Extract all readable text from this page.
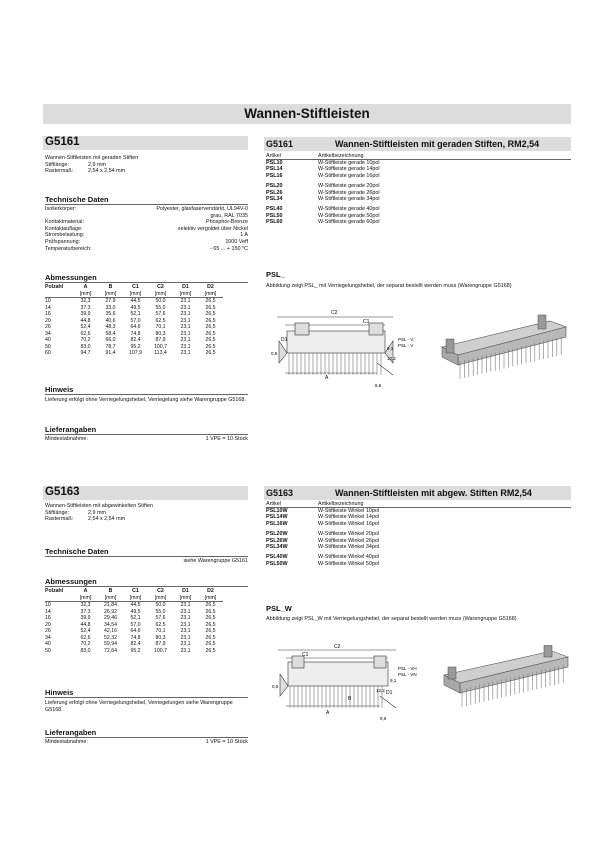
Wannen-Stiftleisten
G5161
Wannen-Stiftleisten mit geraden Stiften
Stiftlänge:	2,9 mm
Rastermaß:	2,54 x 2,54 mm
Technische Daten
Isolierkörper:	Polyester, glasfaserverstärkt, UL94V-0
grau, RAL 7035
Kontaktmaterial:	Phosphor-Bronze
Kontaktauflage:	selektiv vergoldet über Nickel
Strombelastung:	1 A
Prüfspannung:	1000 Veff
Temperaturbereich:	- 65 ... + 150 °C
Abmessungen
Polzahl	A	B	C1	C2	D1	D2
	[mm]	[mm]	[mm]	[mm]	[mm]	[mm]
10	32,3	27,9	44,5	50,0	23,1	26,5
14	37,3	33,0	49,5	55,0	23,1	26,5
16	39,9	35,6	52,1	57,6	23,1	26,5
20	44,8	40,6	57,0	62,5	23,1	26,5
26	52,4	48,3	64,6	70,1	23,1	26,5
34	62,6	58,4	74,8	80,3	23,1	26,5
40	70,2	66,0	82,4	87,9	23,1	26,5
50	83,0	78,7	95,2	100,7	23,1	26,5
60	94,7	91,4	107,9	113,4	23,1	26,5
Hinweis
Lieferung erfolgt ohne Verriegelungshebel, Verriegelung siehe Warengruppe G5168.
Lieferangaben
Mindestabnahme:	1 VPE = 10 Stück
G5161	Wannen-Stiftleisten mit geraden Stiften, RM2,54
Artikel	Artikelbezeichnung
PSL10	W-Stiftleiste gerade 10pol
PSL14	W-Stiftleiste gerade 14pol
PSL16	W-Stiftleiste gerade 16pol
PSL20	W-Stiftleiste gerade 20pol
PSL26	W-Stiftleiste gerade 26pol
PSL34	W-Stiftleiste gerade 34pol
PSL40	W-Stiftleiste gerade 40pol
PSL50	W-Stiftleiste gerade 50pol
PSL60	W-Stiftleiste gerade 60pol
PSL_
Abbildung zeigt PSL_ mit Verriegelungshebel, der separat bestellt werden muss (Warengruppe G5168)
C2
C1
D1	PSL - V
PSL - V
9,1
12,2
0,5
A
8,6
G5163
Wannen-Stiftleisten mit abgewinkelten Stiften
Stiftlänge:	2,9 mm
Rastermaß:	2,54 x 2,54 mm
Technische Daten
siehe Warengruppe G5161
Abmessungen
Polzahl	A	B	C1	C2	D1	D2
	[mm]	[mm]	[mm]	[mm]	[mm]	[mm]
10	32,3	21,84	44,5	50,0	23,1	26,5
14	37,3	26,92	49,5	55,0	23,1	26,5
16	39,9	29,46	52,1	57,6	23,1	26,5
20	44,8	34,54	57,0	62,5	23,1	26,5
26	52,4	42,16	64,6	70,1	23,1	26,5
34	62,6	52,32	74,8	80,3	23,1	26,5
40	70,2	59,94	82,4	87,9	23,1	26,5
50	83,0	72,64	95,2	100,7	23,1	26,5
Hinweis
Lieferung erfolgt ohne Verriegelungshebel, Verriegelungen siehe Warengruppe G5168.
Lieferangaben
Mindestabnahme:	1 VPE = 10 Stück
G5163	Wannen-Stiftleisten mit abgew. Stiften RM2,54
Artikel	Artikelbezeichnung
PSL10W	W-Stiftleiste Winkel 10pol
PSL14W	W-Stiftleiste Winkel 14pol
PSL16W	W-Stiftleiste Winkel 16pol
PSL20W	W-Stiftleiste Winkel 20pol
PSL26W	W-Stiftleiste Winkel 26pol
PSL34W	W-Stiftleiste Winkel 34pol
PSL40W	W-Stiftleiste Winkel 40pol
PSL50W	W-Stiftleiste Winkel 50pol
PSL_W
Abbildung zeigt PSL_W mit Verriegelungshebel, der separat bestellt werden muss (Warengruppe G5168)
C2
C1
D1
PSL - VH
PSL - VN
9,1
12,2
0,5
A
B
8,6
